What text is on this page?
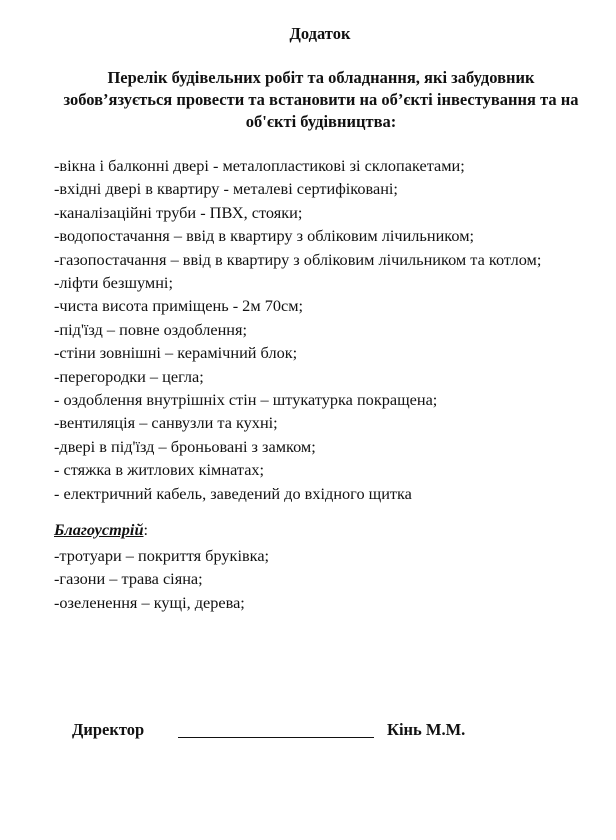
Додаток
Перелік будівельних робіт та обладнання, які забудовник зобов’язується провести та встановити на об’єкті інвестування та на об'єкті будівництва:
-вікна і балконні двері - металопластикові зі склопакетами;
-вхідні двері в квартиру - металеві сертифіковані;
-каналізаційні труби - ПВХ, стояки;
-водопостачання – ввід в квартиру з обліковим лічильником;
-газопостачання – ввід в квартиру з обліковим лічильником та котлом;
-ліфти безшумні;
-чиста висота приміщень - 2м 70см;
-під'їзд – повне оздоблення;
-стіни зовнішні – керамічний блок;
-перегородки – цегла;
- оздоблення внутрішніх стін – штукатурка покращена;
-вентиляція – санвузли та кухні;
-двері в під'їзд – броньовані з замком;
- стяжка в житлових кімнатах;
- електричний кабель, заведений до вхідного щитка
Благоустрій:
-тротуари – покриття бруківка;
-газони – трава сіяна;
-озеленення – кущі, дерева;
Директор	Кінь М.М.
